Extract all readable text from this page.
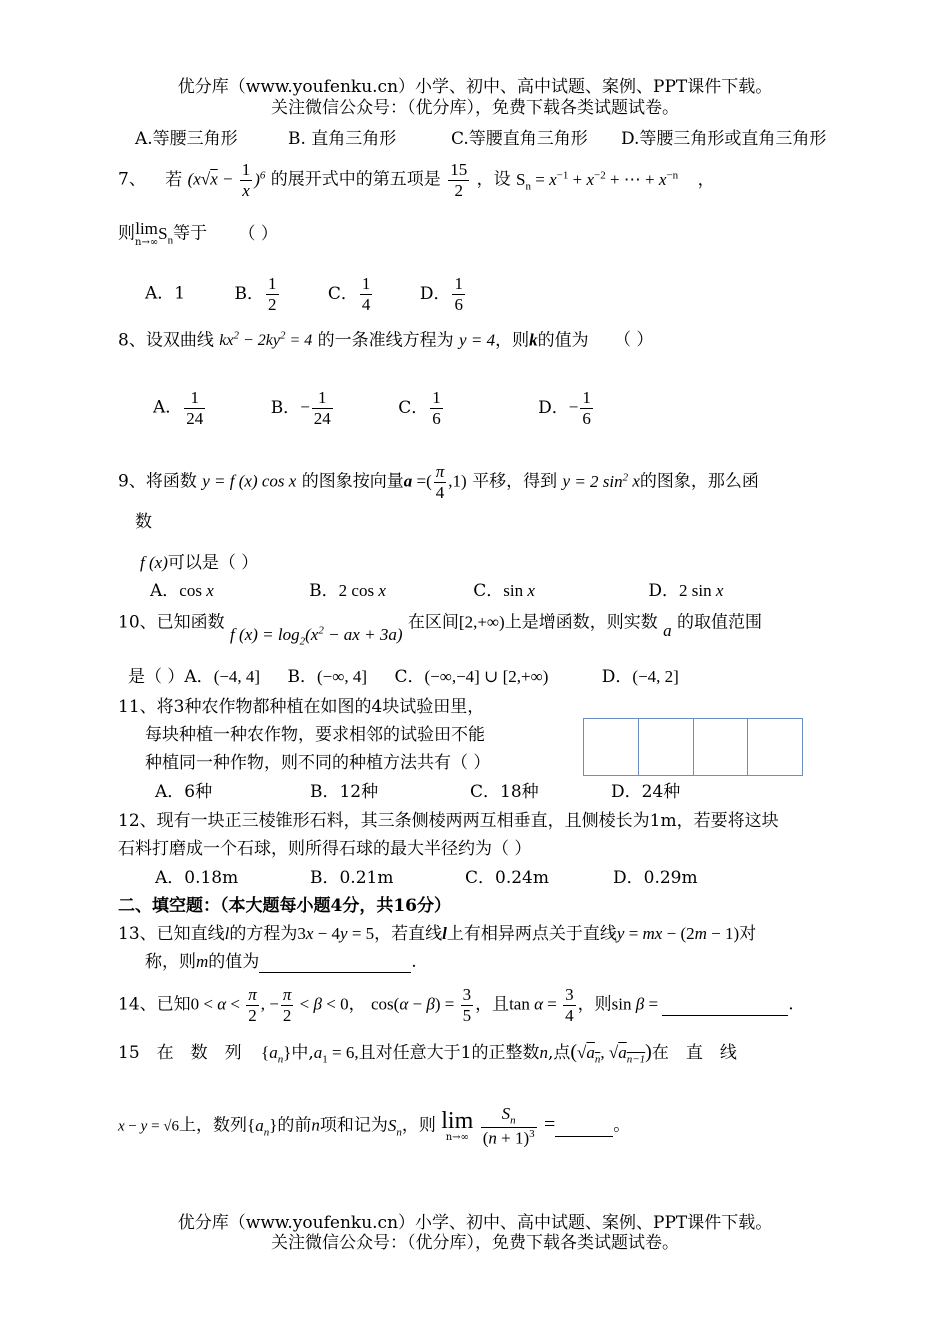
优分库（www.youfenku.cn）小学、初中、高中试题、案例、PPT课件下载。
关注微信公众号：（优分库），免费下载各类试题试卷。
A.等腰三角形	B. 直角三角形	C.等腰直角三角形 D.等腰三角形或直角三角形
7、 若 $(x√x - \frac{1}{x} )^6$ 的展开式中的第五项是 $\frac{15}{2}$ ，设 $S_n = x^{-1} + x^{-2}$ + ⋯ + $x^{-n}$ ，
则lim
n→∞ $S_n$等于 （ ）
A．1	B． $\frac{1}{2}$	C． $\frac{1}{4}$	D． $\frac{1}{6}$
8、设双曲线 $kx^2 - 2ky^2 = 4$ 的一条准线方程为 y = 4，则k的值为 （ ）
A． $\frac{1}{24}$	B．− $\frac{1}{24}$	C． $\frac{1}{6}$	D．− $\frac{1}{6}$
9、将函数 y = f (x) cos x 的图象按向量a =( $\frac{\pi}{4} ,1$) 平移，得到 y = 2 $\sin^2 x$的图象，那么函
数
f (x)可以是（ ）
A．cos x	B．2 cos x	C．sin x	D．2 sin x
10、已知函数 f $(x) = \log_2(x^2$ − ax + 3a) 在区间[2,+∞)上是增函数，则实数 a 的取值范围
是（ ）A．(−4, 4] B．(−∞, 4] C．(−∞,−4] ∪ [2,+∞)	D．(−4, 2]
11、将3种农作物都种植在如图的4块试验田里，
每块种植一种农作物，要求相邻的试验田不能
种植同一种作物，则不同的种植方法共有（ ）
A．6种	B．12种	C．18种	D．24种
12、现有一块正三棱锥形石料，其三条侧棱两两互相垂直，且侧棱长为1m，若要将这块
石料打磨成一个石球，则所得石球的最大半径约为（ ）
A．0.18m	B．0.21m	C．0.24m	D．0.29m
二、填空题：（本大题每小题4分，共16分）
13、已知直线l的方程为3x − 4y = 5，若直线l上有相异两点关于直线y = mx − (2m − 1)对
称，则m的值为	.
14、已知$0 < \alpha < \frac{\pi}{2}$ , − $\frac{\pi}{2} < \beta < 0$， $\cos(\alpha - \beta) = \frac{3}{5}$ ，且$\tan \alpha = \frac{3}{4}$ ，则sin β =	.
15　在　数　列 $\{a_n\}$中$,a_1 = 6$,且对任意大于1的正整数n,点($√a_n$, $√a_{n-1}$)在　直　线
x − y = √6上，数列$\{a_n\}$的前n项和记为$S_n$，则 lim
n→∞
$\frac{S_n}{(n + 1)^3}$ =	。
优分库（www.youfenku.cn）小学、初中、高中试题、案例、PPT课件下载。
关注微信公众号：（优分库），免费下载各类试题试卷。
